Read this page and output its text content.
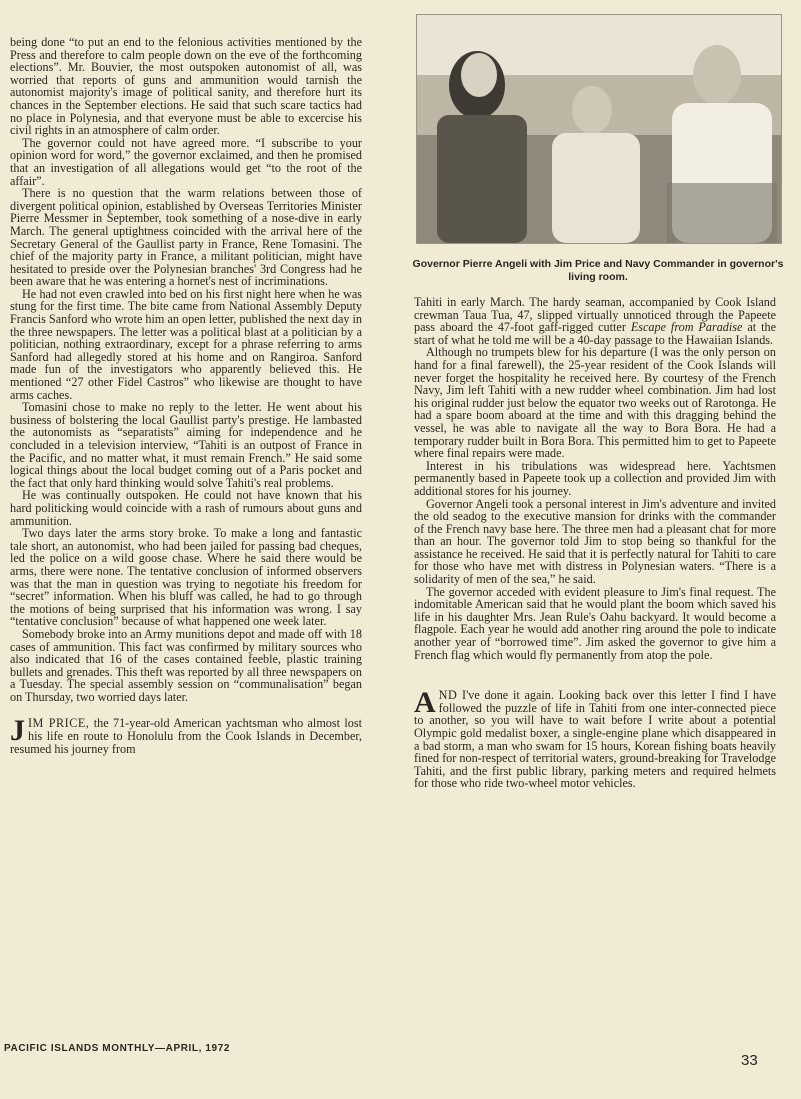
being done “to put an end to the felonious activities mentioned by the Press and therefore to calm people down on the eve of the forthcoming elections”. Mr. Bouvier, the most outspoken autonomist of all, was worried that reports of guns and ammunition would tarnish the autonomist majority's image of political sanity, and therefore hurt its chances in the September elections. He said that such scare tactics had no place in Polynesia, and that everyone must be able to excercise his civil rights in an atmosphere of calm order.

The governor could not have agreed more. “I subscribe to your opinion word for word,” the governor exclaimed, and then he promised that an investigation of all allegations would get “to the root of the affair”.

There is no question that the warm relations between those of divergent political opinion, established by Overseas Territories Minister Pierre Messmer in September, took something of a nose-dive in early March. The general uptightness coincided with the arrival here of the Secretary General of the Gaullist party in France, Rene Tomasini. The chief of the majority party in France, a militant politician, might have hesitated to preside over the Polynesian branches' 3rd Congress had he been aware that he was entering a hornet's nest of incriminations.

He had not even crawled into bed on his first night here when he was stung for the first time. The bite came from National Assembly Deputy Francis Sanford who wrote him an open letter, published the next day in the three newspapers. The letter was a political blast at a politician by a politician, nothing extraordinary, except for a phrase referring to arms Sanford had allegedly stored at his home and on Rangiroa. Sanford made fun of the investigators who apparently believed this. He mentioned “27 other Fidel Castros” who likewise are thought to have arms caches.

Tomasini chose to make no reply to the letter. He went about his business of bolstering the local Gaullist party's prestige. He lambasted the autonomists as “separatists” aiming for independence and he concluded in a television interview, “Tahiti is an outpost of France in the Pacific, and no matter what, it must remain French.” He said some logical things about the local budget coming out of a Paris pocket and the fact that only hard thinking would solve Tahiti's real problems.

He was continually outspoken. He could not have known that his hard politicking would coincide with a rash of rumours about guns and ammunition.

Two days later the arms story broke. To make a long and fantastic tale short, an autonomist, who had been jailed for passing bad cheques, led the police on a wild goose chase. Where he said there would be arms, there were none. The tentative conclusion of informed observers was that the man in question was trying to negotiate his freedom for “secret” information. When his bluff was called, he had to go through the motions of being surprised that his information was wrong. I say “tentative conclusion” because of what happened one week later.

Somebody broke into an Army munitions depot and made off with 18 cases of ammunition. This fact was confirmed by military sources who also indicated that 16 of the cases contained feeble, plastic training bullets and grenades. This theft was reported by all three newspapers on a Tuesday. The special assembly session on “communalisation” began on Thursday, two worried days later.

JIM PRICE, the 71-year-old American yachtsman who almost lost his life en route to Honolulu from the Cook Islands in December, resumed his journey from

Governor Pierre Angeli with Jim Price and Navy Commander in governor's living room.

Tahiti in early March. The hardy seaman, accompanied by Cook Island crewman Taua Tua, 47, slipped virtually unnoticed through the Papeete pass aboard the 47-foot gaff-rigged cutter Escape from Paradise at the start of what he told me will be a 40-day passage to the Hawaiian Islands.

Although no trumpets blew for his departure (I was the only person on hand for a final farewell), the 25-year resident of the Cook Islands will never forget the hospitality he received here. By courtesy of the French Navy, Jim left Tahiti with a new rudder wheel combination. Jim had lost his original rudder just below the equator two weeks out of Rarotonga. He had a spare boom aboard at the time and with this dragging behind the vessel, he was able to navigate all the way to Bora Bora. He had a temporary rudder built in Bora Bora. This permitted him to get to Papeete where final repairs were made.

Interest in his tribulations was widespread here. Yachtsmen permanently based in Papeete took up a collection and provided Jim with additional stores for his journey.

Governor Angeli took a personal interest in Jim's adventure and invited the old seadog to the executive mansion for drinks with the commander of the French navy base here. The three men had a pleasant chat for more than an hour. The governor told Jim to stop being so thankful for the assistance he received. He said that it is perfectly natural for Tahiti to care for those who have met with distress in Polynesian waters. “There is a solidarity of men of the sea,” he said.

The governor acceded with evident pleasure to Jim's final request. The indomitable American said that he would plant the boom which saved his life in his daughter Mrs. Jean Rule's Oahu backyard. It would become a flagpole. Each year he would add another ring around the pole to indicate another year of “borrowed time”. Jim asked the governor to give him a French flag which would fly permanently from atop the pole.

AND I've done it again. Looking back over this letter I find I have followed the puzzle of life in Tahiti from one inter-connected piece to another, so you will have to wait before I write about a potential Olympic gold medalist boxer, a single-engine plane which disappeared in a bad storm, a man who swam for 15 hours, Korean fishing boats heavily fined for non-respect of territorial waters, ground-breaking for Travelodge Tahiti, and the first public library, parking meters and required helmets for those who ride two-wheel motor vehicles.

PACIFIC ISLANDS MONTHLY—APRIL, 1972
33
